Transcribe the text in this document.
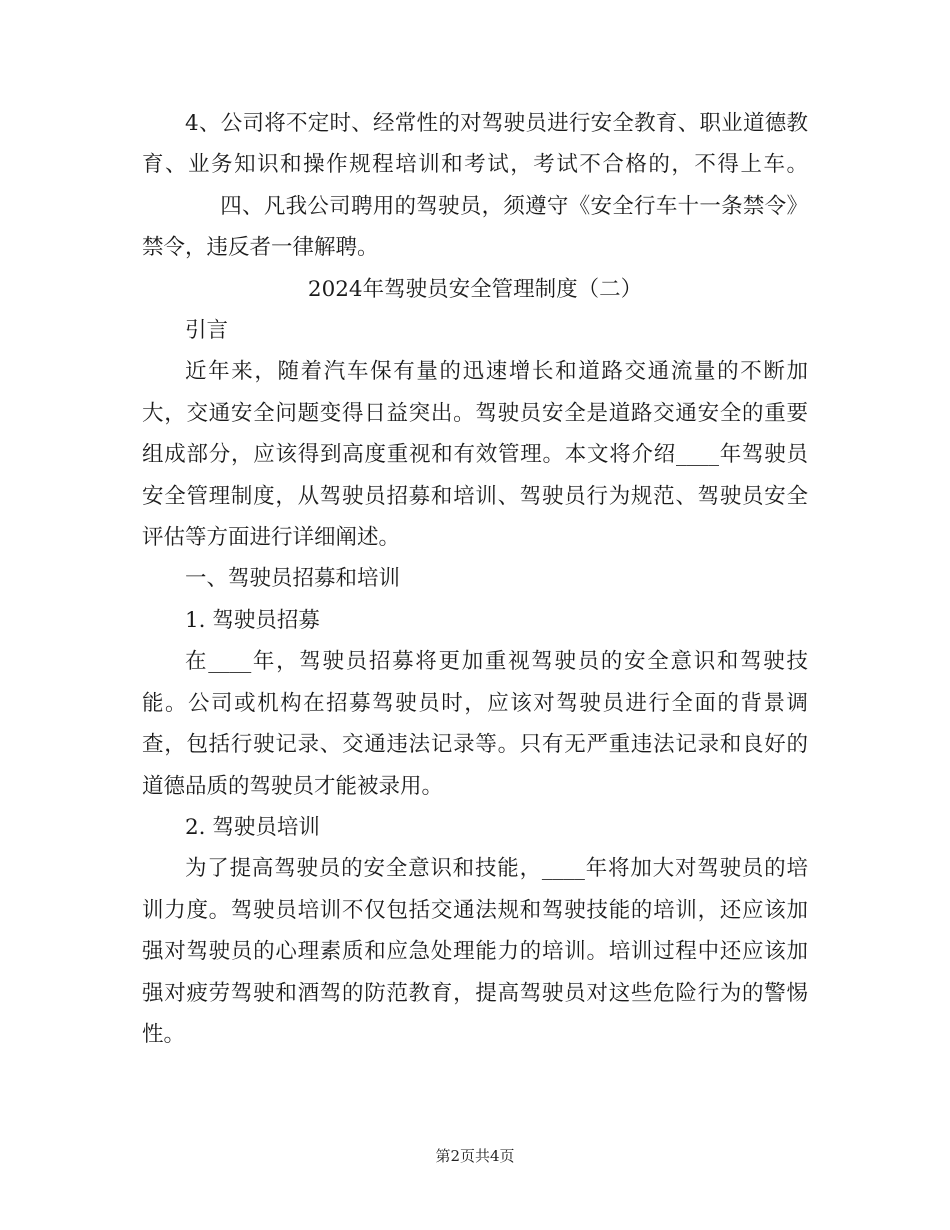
4、公司将不定时、经常性的对驾驶员进行安全教育、职业道德教育、业务知识和操作规程培训和考试，考试不合格的，不得上车。四、凡我公司聘用的驾驶员，须遵守《安全行车十一条禁令》禁令，违反者一律解聘。

2024年驾驶员安全管理制度（二）

引言

近年来，随着汽车保有量的迅速增长和道路交通流量的不断加大，交通安全问题变得日益突出。驾驶员安全是道路交通安全的重要组成部分，应该得到高度重视和有效管理。本文将介绍____年驾驶员安全管理制度，从驾驶员招募和培训、驾驶员行为规范、驾驶员安全评估等方面进行详细阐述。

一、驾驶员招募和培训

1. 驾驶员招募

在____年，驾驶员招募将更加重视驾驶员的安全意识和驾驶技能。公司或机构在招募驾驶员时，应该对驾驶员进行全面的背景调查，包括行驶记录、交通违法记录等。只有无严重违法记录和良好的道德品质的驾驶员才能被录用。

2. 驾驶员培训

为了提高驾驶员的安全意识和技能，____年将加大对驾驶员的培训力度。驾驶员培训不仅包括交通法规和驾驶技能的培训，还应该加强对驾驶员的心理素质和应急处理能力的培训。培训过程中还应该加强对疲劳驾驶和酒驾的防范教育，提高驾驶员对这些危险行为的警惕性。

第2页共4页
